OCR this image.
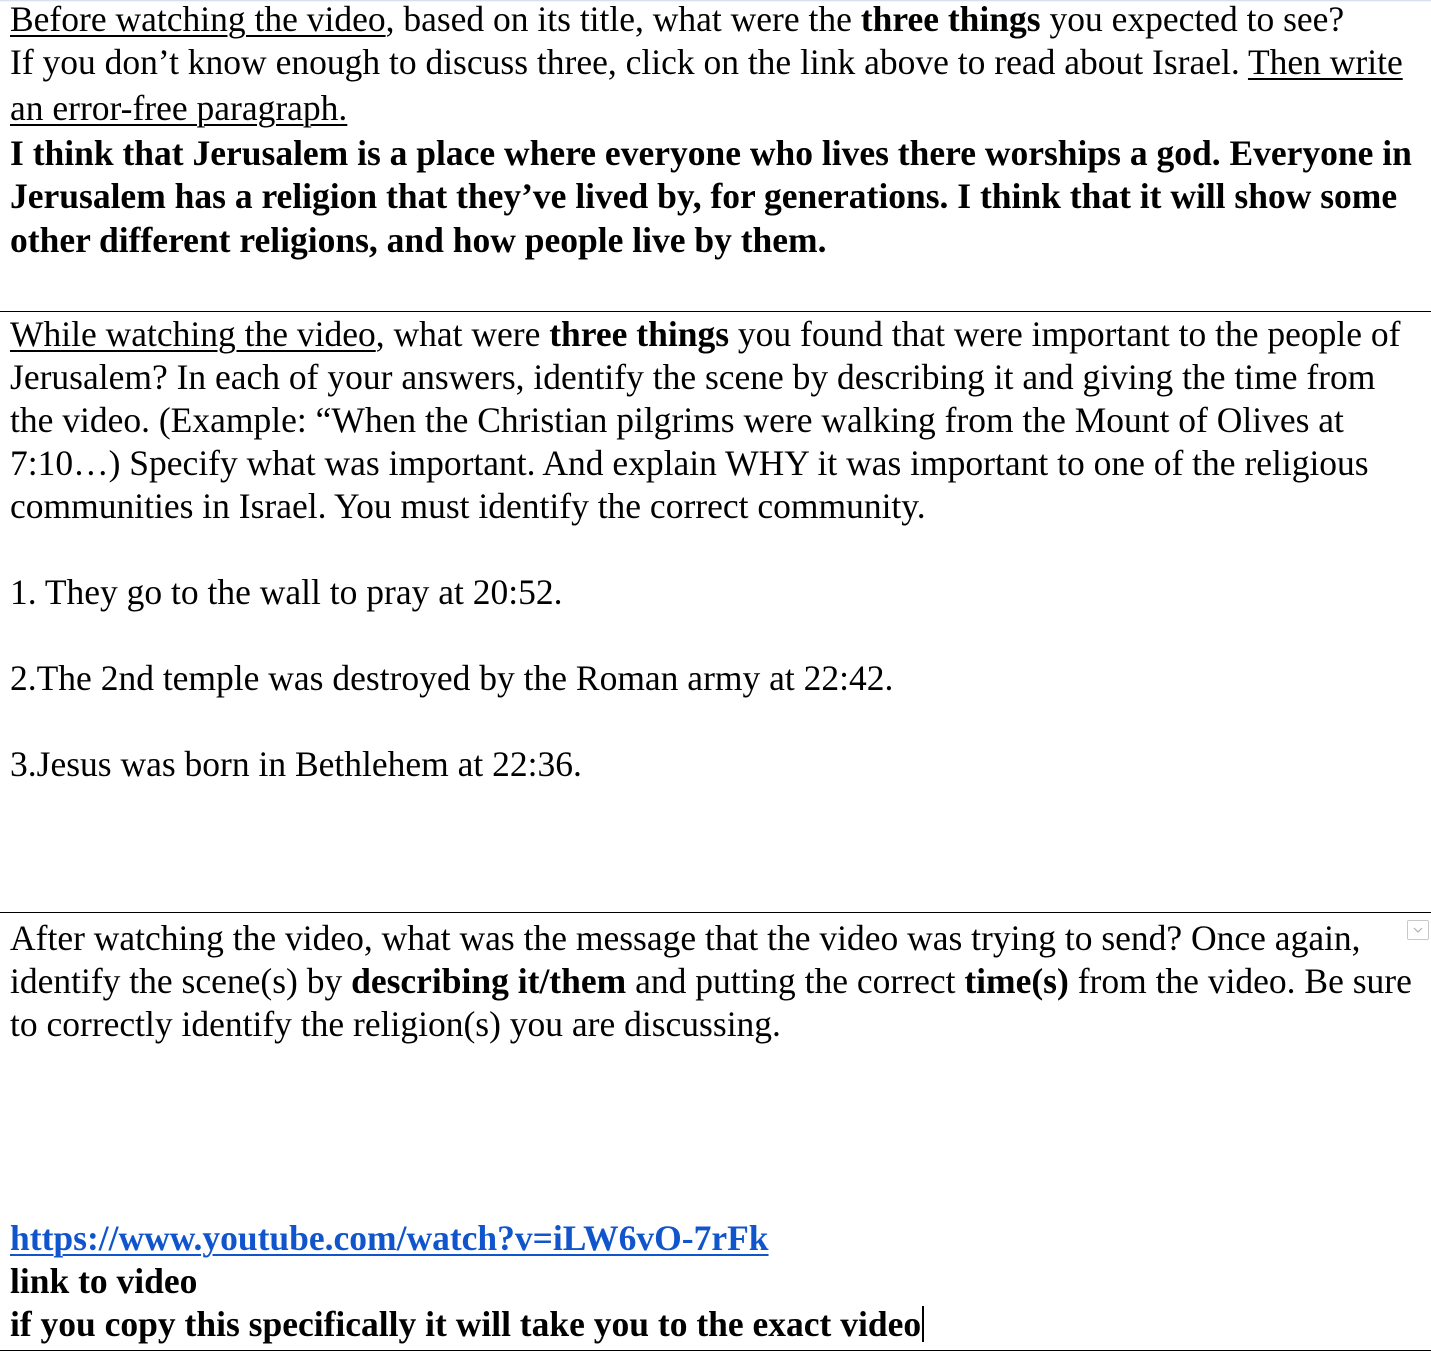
Before watching the video, based on its title, what were the three things you expected to see?

If you don’t know enough to discuss three, click on the link above to read about Israel. Then write an error-free paragraph.

I think that Jerusalem is a place where everyone who lives there worships a god. Everyone in Jerusalem has a religion that they’ve lived by, for generations. I think that it will show some other different religions, and how people live by them.

While watching the video, what were three things you found that were important to the people of Jerusalem? In each of your answers, identify the scene by describing it and giving the time from the video. (Example: “When the Christian pilgrims were walking from the Mount of Olives at 7:10…) Specify what was important. And explain WHY it was important to one of the religious communities in Israel. You must identify the correct community.

1. They go to the wall to pray at 20:52.

2.The 2nd temple was destroyed by the Roman army at 22:42.

3.Jesus was born in Bethlehem at 22:36.

After watching the video, what was the message that the video was trying to send? Once again, identify the scene(s) by describing it/them and putting the correct time(s) from the video. Be sure to correctly identify the religion(s) you are discussing.

https://www.youtube.com/watch?v=iLW6vO-7rFk

link to video

if you copy this specifically it will take you to the exact video
